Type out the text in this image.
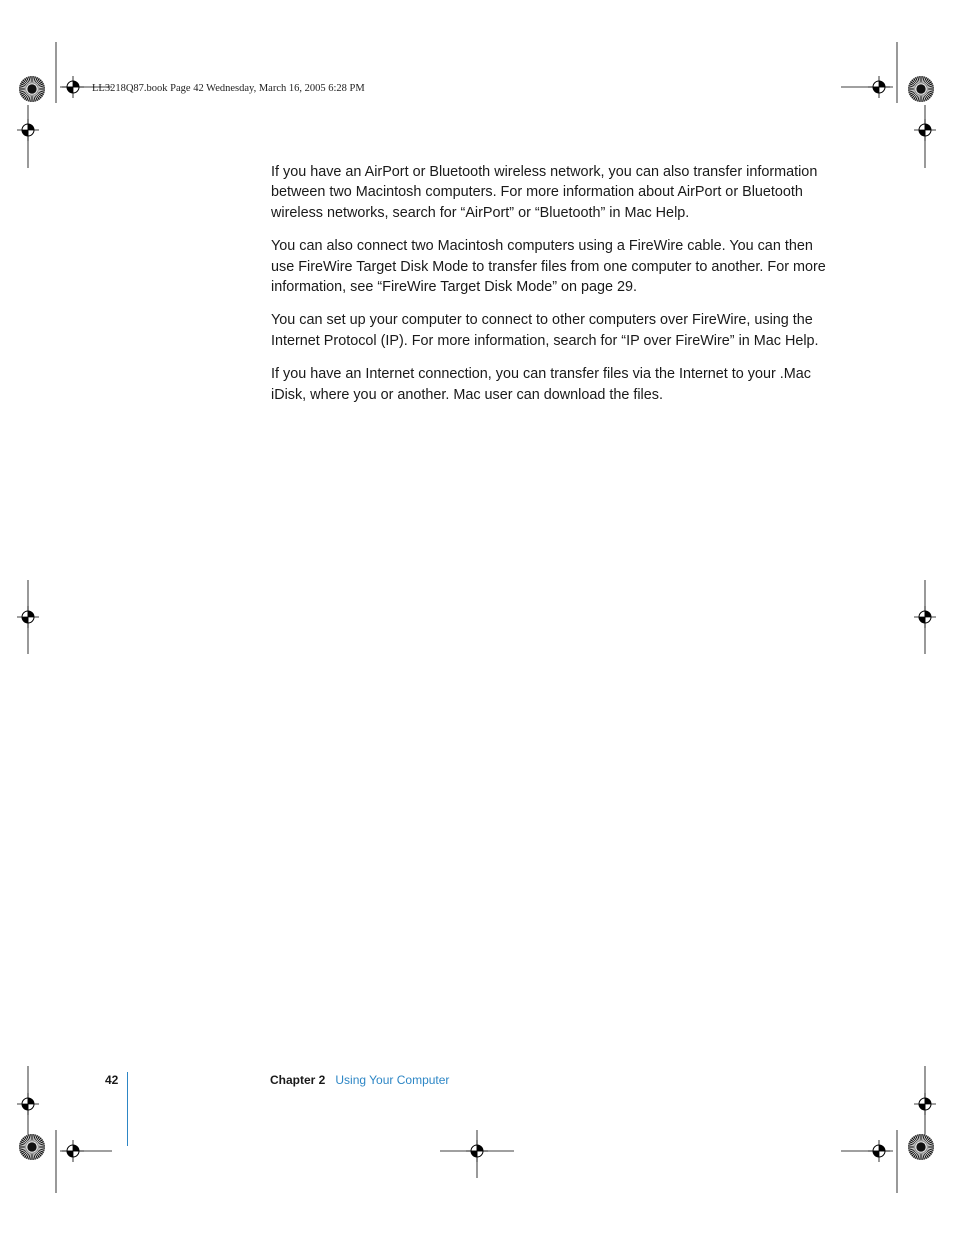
LL3218Q87.book Page 42 Wednesday, March 16, 2005 6:28 PM

If you have an AirPort or Bluetooth wireless network, you can also transfer information between two Macintosh computers. For more information about AirPort or Bluetooth wireless networks, search for “AirPort” or “Bluetooth” in Mac Help.

You can also connect two Macintosh computers using a FireWire cable. You can then use FireWire Target Disk Mode to transfer files from one computer to another. For more information, see “FireWire Target Disk Mode” on page 29.

You can set up your computer to connect to other computers over FireWire, using the Internet Protocol (IP). For more information, search for “IP over FireWire” in Mac Help.

If you have an Internet connection, you can transfer files via the Internet to your .Mac iDisk, where you or another. Mac user can download the files.

42	Chapter 2 Using Your Computer
